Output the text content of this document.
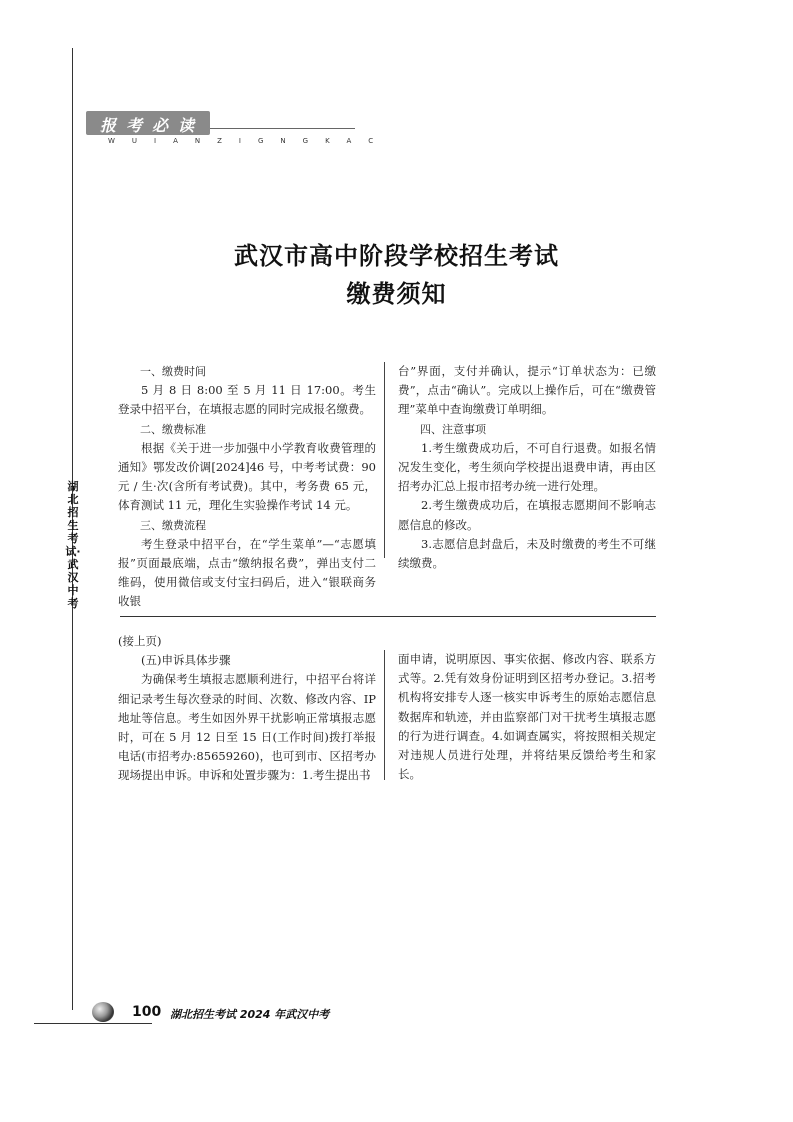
报考必读
WUIANZIGNGKAC
武汉市高中阶段学校招生考试
缴费须知

一、缴费时间

5 月 8 日 8:00 至 5 月 11 日 17:00。考生登录中招平台，在填报志愿的同时完成报名缴费。

二、缴费标准

根据《关于进一步加强中小学教育收费管理的通知》鄂发改价调[2024]46 号，中考考试费：90 元 / 生·次(含所有考试费)。其中，考务费 65 元，体育测试 11 元，理化生实验操作考试 14 元。

三、缴费流程

考生登录中招平台，在“学生菜单”—“志愿填报”页面最底端，点击“缴纳报名费”，弹出支付二维码，使用微信或支付宝扫码后，进入“银联商务收银

台”界面，支付并确认，提示“订单状态为：已缴费”，点击“确认”。完成以上操作后，可在“缴费管理”菜单中查询缴费订单明细。

四、注意事项

1.考生缴费成功后，不可自行退费。如报名情况发生变化，考生须向学校提出退费申请，再由区招考办汇总上报市招考办统一进行处理。

2.考生缴费成功后，在填报志愿期间不影响志愿信息的修改。

3.志愿信息封盘后，未及时缴费的考生不可继续缴费。

(接上页)

(五)申诉具体步骤

为确保考生填报志愿顺利进行，中招平台将详细记录考生每次登录的时间、次数、修改内容、IP 地址等信息。考生如因外界干扰影响正常填报志愿时，可在 5 月 12 日至 15 日(工作时间)拨打举报电话(市招考办:85659260)，也可到市、区招考办现场提出申诉。申诉和处置步骤为：1.考生提出书

面申请，说明原因、事实依据、修改内容、联系方式等。2.凭有效身份证明到区招考办登记。3.招考机构将安排专人逐一核实申诉考生的原始志愿信息数据库和轨迹，并由监察部门对干扰考生填报志愿的行为进行调查。4.如调查属实，将按照相关规定对违规人员进行处理，并将结果反馈给考生和家长。

湖北招生考试·武汉中考
100 湖北招生考试 2024 年武汉中考
